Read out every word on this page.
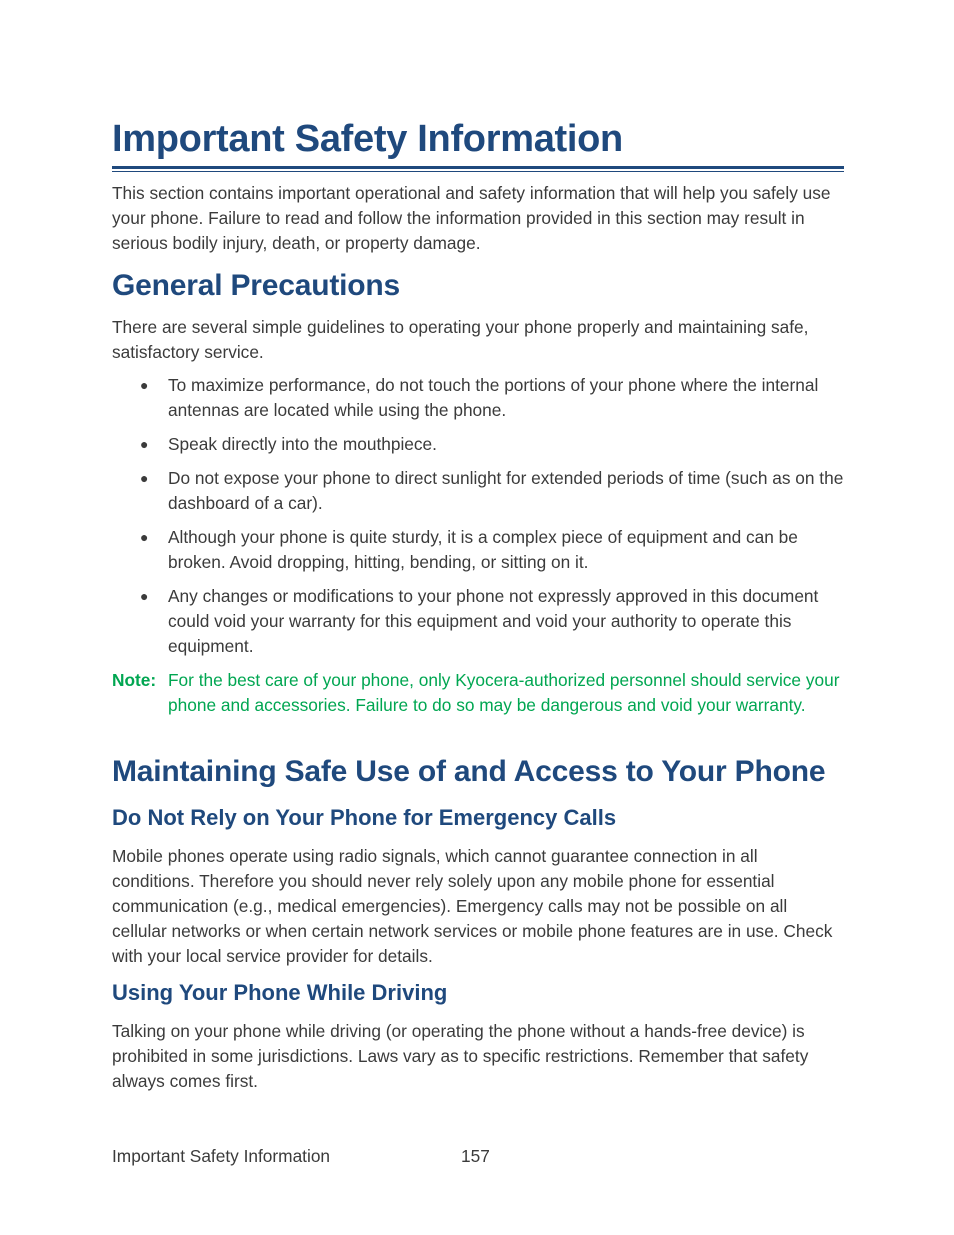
Important Safety Information

This section contains important operational and safety information that will help you safely use your phone. Failure to read and follow the information provided in this section may result in serious bodily injury, death, or property damage.

General Precautions

There are several simple guidelines to operating your phone properly and maintaining safe, satisfactory service.

● To maximize performance, do not touch the portions of your phone where the internal antennas are located while using the phone.
● Speak directly into the mouthpiece.
● Do not expose your phone to direct sunlight for extended periods of time (such as on the dashboard of a car).
● Although your phone is quite sturdy, it is a complex piece of equipment and can be broken. Avoid dropping, hitting, bending, or sitting on it.
● Any changes or modifications to your phone not expressly approved in this document could void your warranty for this equipment and void your authority to operate this equipment.
Note: For the best care of your phone, only Kyocera-authorized personnel should service your phone and accessories. Failure to do so may be dangerous and void your warranty.
Maintaining Safe Use of and Access to Your Phone
Do Not Rely on Your Phone for Emergency Calls

Mobile phones operate using radio signals, which cannot guarantee connection in all conditions. Therefore you should never rely solely upon any mobile phone for essential communication (e.g., medical emergencies). Emergency calls may not be possible on all cellular networks or when certain network services or mobile phone features are in use. Check with your local service provider for details.

Using Your Phone While Driving

Talking on your phone while driving (or operating the phone without a hands-free device) is prohibited in some jurisdictions. Laws vary as to specific restrictions. Remember that safety always comes first.

Important Safety Information	157
